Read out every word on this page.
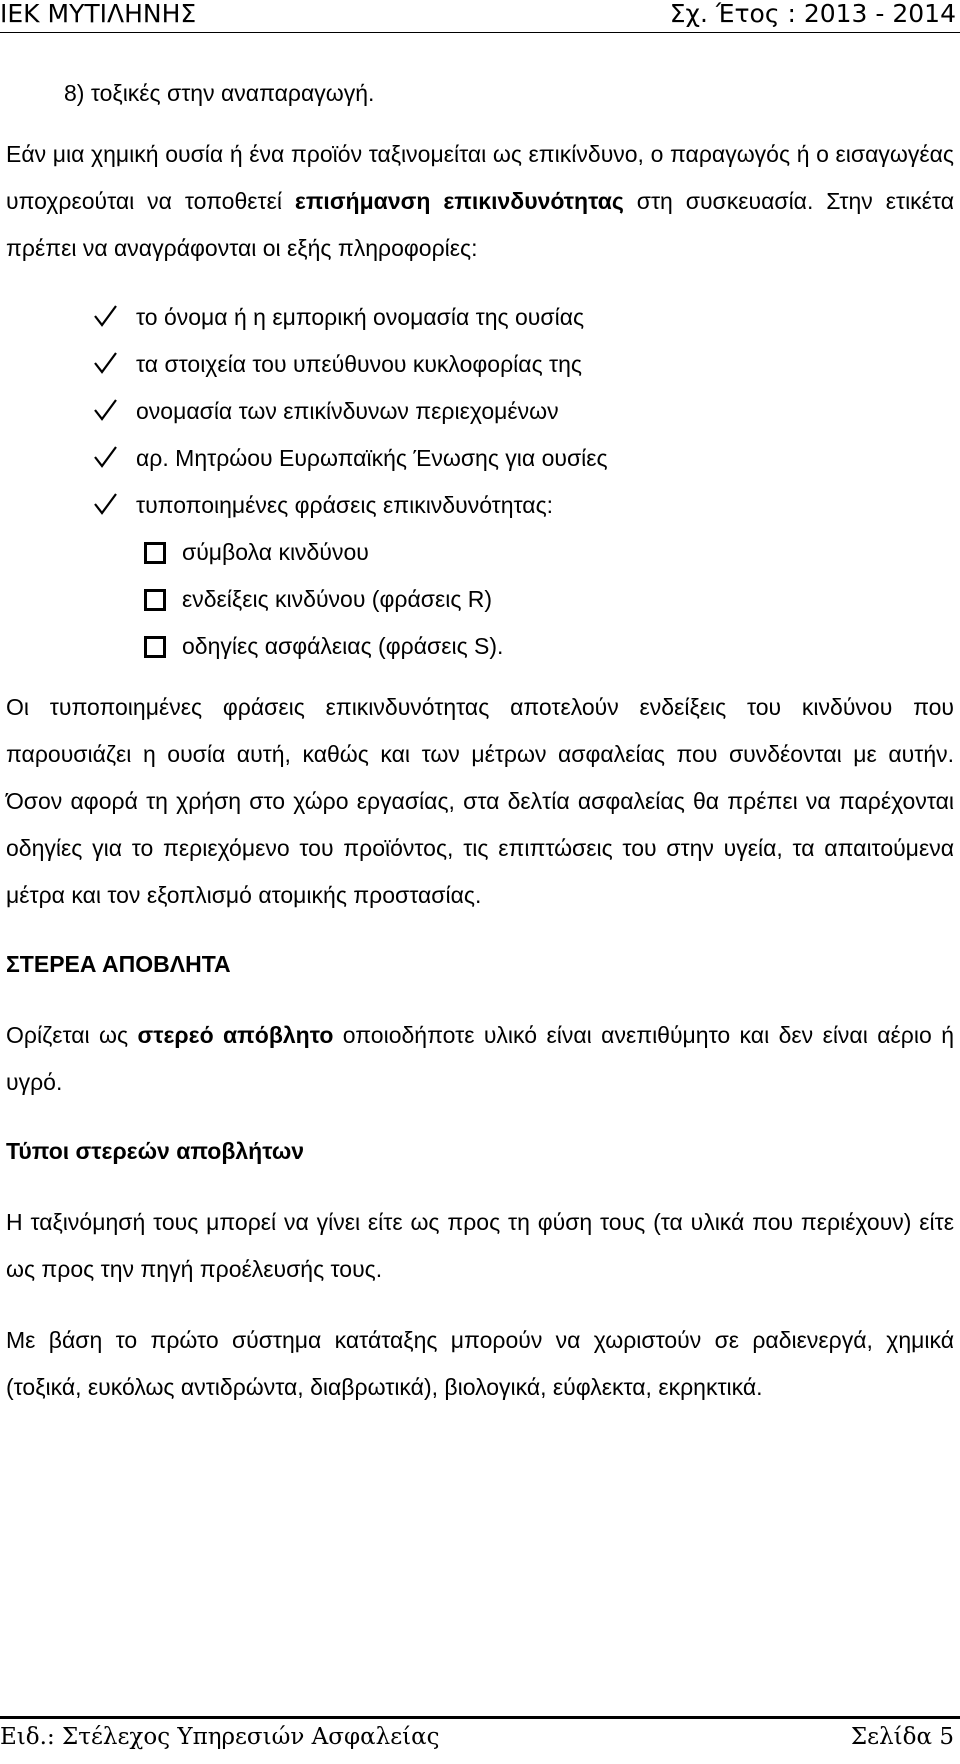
ΙΕΚ ΜΥΤΙΛΗΝΗΣ	Σχ. Έτος : 2013 - 2014

8) τοξικές στην αναπαραγωγή.

Εάν μια χημική ουσία ή ένα προϊόν ταξινομείται ως επικίνδυνο, ο παραγωγός ή ο εισαγωγέας υποχρεούται να τοποθετεί επισήμανση επικινδυνότητας στη συσκευασία. Στην ετικέτα πρέπει να αναγράφονται οι εξής πληροφορίες:

το όνομα ή η εμπορική ονομασία της ουσίας
τα στοιχεία του υπεύθυνου κυκλοφορίας της
ονομασία των επικίνδυνων περιεχομένων
αρ. Μητρώου Ευρωπαϊκής Ένωσης για ουσίες
τυποποιημένες φράσεις επικινδυνότητας:
σύμβολα κινδύνου
ενδείξεις κινδύνου (φράσεις R)
οδηγίες ασφάλειας (φράσεις S).

Οι τυποποιημένες φράσεις επικινδυνότητας αποτελούν ενδείξεις του κινδύνου που παρουσιάζει η ουσία αυτή, καθώς και των μέτρων ασφαλείας που συνδέονται με αυτήν. Όσον αφορά τη χρήση στο χώρο εργασίας, στα δελτία ασφαλείας θα πρέπει να παρέχονται οδηγίες για το περιεχόμενο του προϊόντος, τις επιπτώσεις του στην υγεία, τα απαιτούμενα μέτρα και τον εξοπλισμό ατομικής προστασίας.

ΣΤΕΡΕΑ ΑΠΟΒΛΗΤΑ

Ορίζεται ως στερεό απόβλητο οποιοδήποτε υλικό είναι ανεπιθύμητο και δεν είναι αέριο ή υγρό.

Τύποι στερεών αποβλήτων

Η ταξινόμησή τους μπορεί να γίνει είτε ως προς τη φύση τους (τα υλικά που περιέχουν) είτε ως προς την πηγή προέλευσής τους.

Με βάση το πρώτο σύστημα κατάταξης μπορούν να χωριστούν σε ραδιενεργά, χημικά (τοξικά, ευκόλως αντιδρώντα, διαβρωτικά), βιολογικά, εύφλεκτα, εκρηκτικά.

Ειδ.: Στέλεχος Υπηρεσιών Ασφαλείας	Σελίδα 5
